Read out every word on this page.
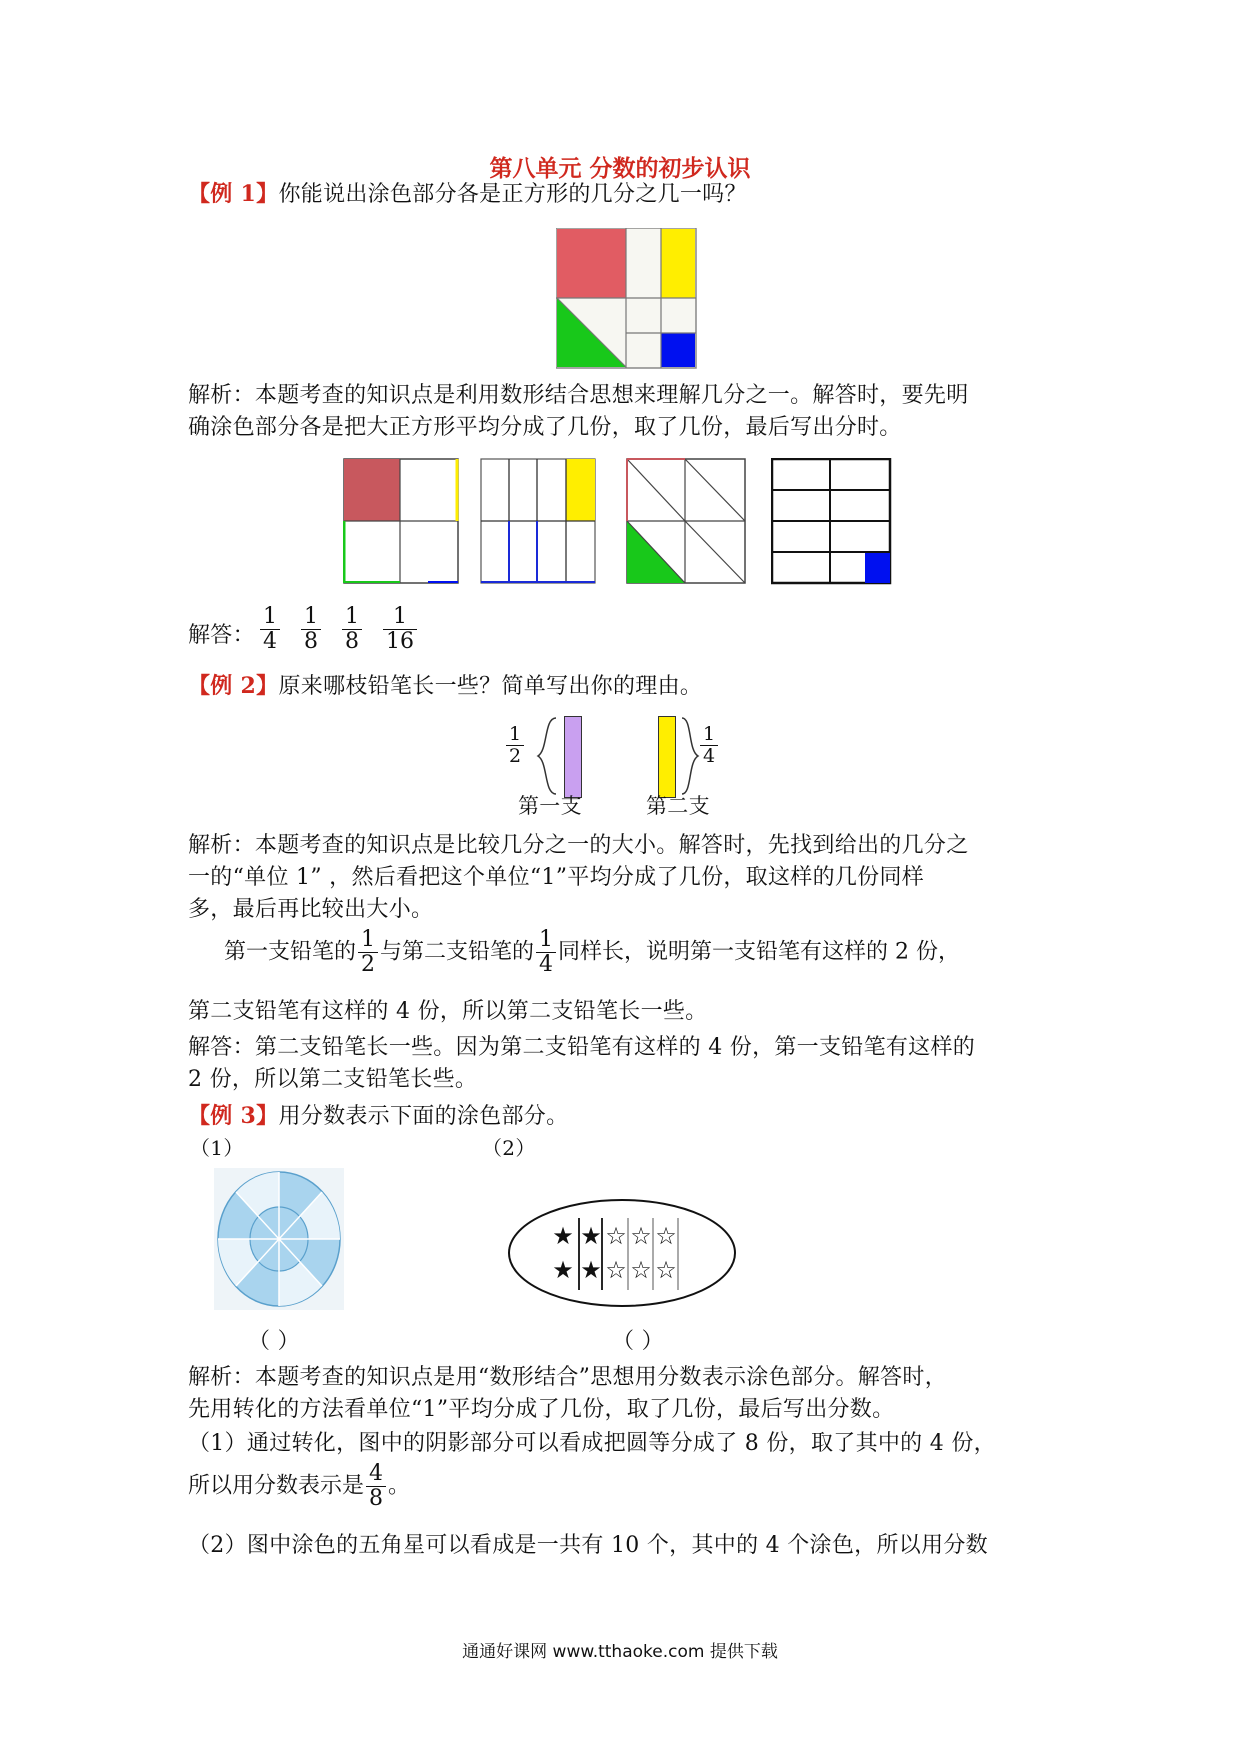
第八单元 分数的初步认识
【例 1】你能说出涂色部分各是正方形的几分之几一吗？
解析：本题考查的知识点是利用数形结合思想来理解几分之一。解答时，要先明
确涂色部分各是把大正方形平均分成了几份，取了几份，最后写出分时。
解答： $\frac{1}{4}$
$\frac{1}{8}$
$\frac{1}{8}$
$\frac{1}{16}$
【例 2】原来哪枝铅笔长一些？简单写出你的理由。
$\frac{1}{2}$
第一支
$\frac{1}{4}$
第二支
解析：本题考查的知识点是比较几分之一的大小。解答时，先找到给出的几分之
一的“单位 1” ，然后看把这个单位“1”平均分成了几份，取这样的几份同样
多，最后再比较出大小。
第一支铅笔的 $\frac{1}{2}$ 与第二支铅笔的 $\frac{1}{4}$ 同样长，说明第一支铅笔有这样的 2 份，
第二支铅笔有这样的 4 份，所以第二支铅笔长一些。
解答：第二支铅笔长一些。因为第二支铅笔有这样的 4 份，第一支铅笔有这样的
2 份，所以第二支铅笔长些。
【例 3】用分数表示下面的涂色部分。
（1）	（2）
★ ★ ☆ ☆ ☆
★ ★ ☆ ☆ ☆
（ ）	（ ）
解析：本题考查的知识点是用“数形结合”思想用分数表示涂色部分。解答时，
先用转化的方法看单位“1”平均分成了几份，取了几份，最后写出分数。
（1）通过转化，图中的阴影部分可以看成把圆等分成了 8 份，取了其中的 4 份，
所以用分数表示是 $\frac{4}{8}$ 。
（2）图中涂色的五角星可以看成是一共有 10 个，其中的 4 个涂色，所以用分数
通通好课网 www.tthaoke.com 提供下载
